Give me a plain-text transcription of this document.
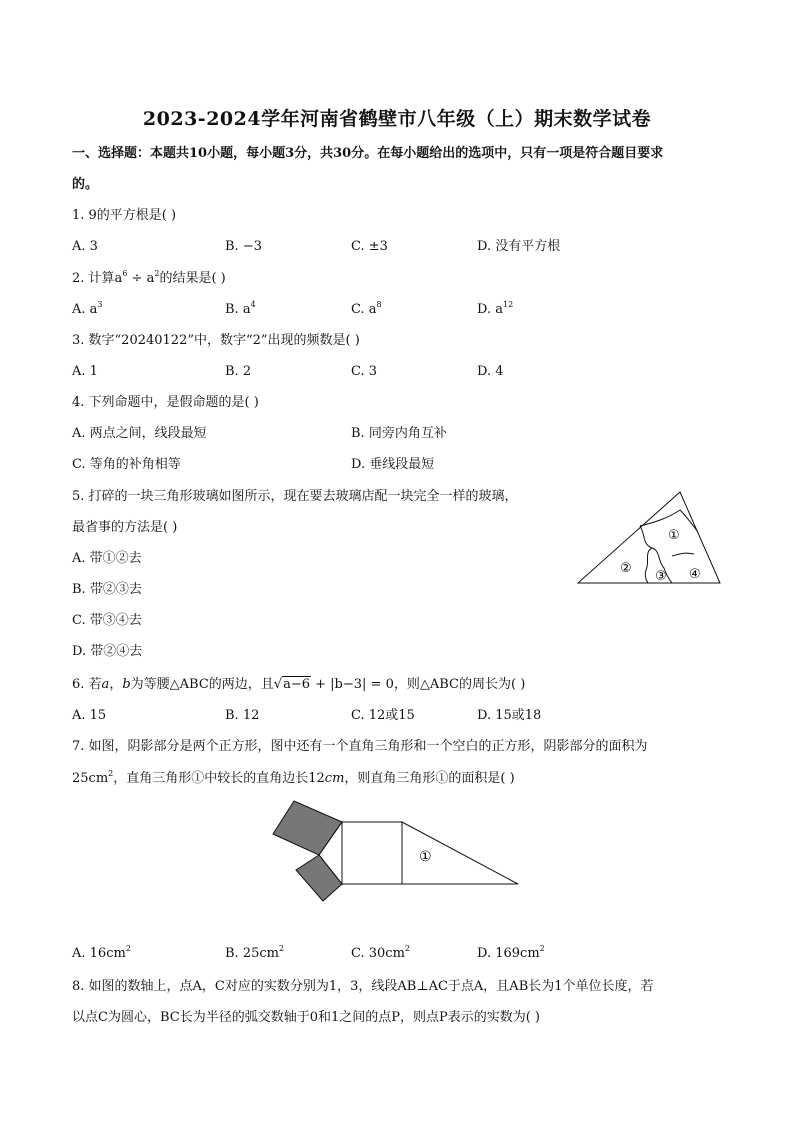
2023-2024学年河南省鹤壁市八年级（上）期末数学试卷
一、选择题：本题共10小题，每小题3分，共30分。在每小题给出的选项中，只有一项是符合题目要求
的。
1. 9的平方根是( )
A. 3	B. −3	C. ±3	D. 没有平方根
2. 计算$a^6 \div a^2$的结果是( )
A. $a^3$	B. $a^4$	C. $a^8$	D. $a^{12}$
3. 数字“20240122”中，数字“2”出现的频数是( )
A. 1	B. 2	C. 3	D. 4
4. 下列命题中，是假命题的是( )
A. 两点之间，线段最短	B. 同旁内角互补
C. 等角的补角相等	D. 垂线段最短
5. 打碎的一块三角形玻璃如图所示，现在要去玻璃店配一块完全一样的玻璃，
最省事的方法是( )
A. 带①②去
B. 带②③去
C. 带③④去
D. 带②④去
①
②
③ ④
6. 若a，b为等腰△ABC的两边，且√a−6 + |b−3| = 0，则△ABC的周长为( )
A. 15	B. 12	C. 12或15	D. 15或18
7. 如图，阴影部分是两个正方形，图中还有一个直角三角形和一个空白的正方形，阴影部分的面积为
$25cm^2$，直角三角形①中较长的直角边长12cm，则直角三角形①的面积是( )
①
A. $16cm^2$	B. $25cm^2$	C. $30cm^2$	D. $169cm^2$
8. 如图的数轴上，点A，C对应的实数分别为1，3，线段AB⊥AC于点A，且AB长为1个单位长度，若
以点C为圆心，BC长为半径的弧交数轴于0和1之间的点P，则点P表示的实数为( )
